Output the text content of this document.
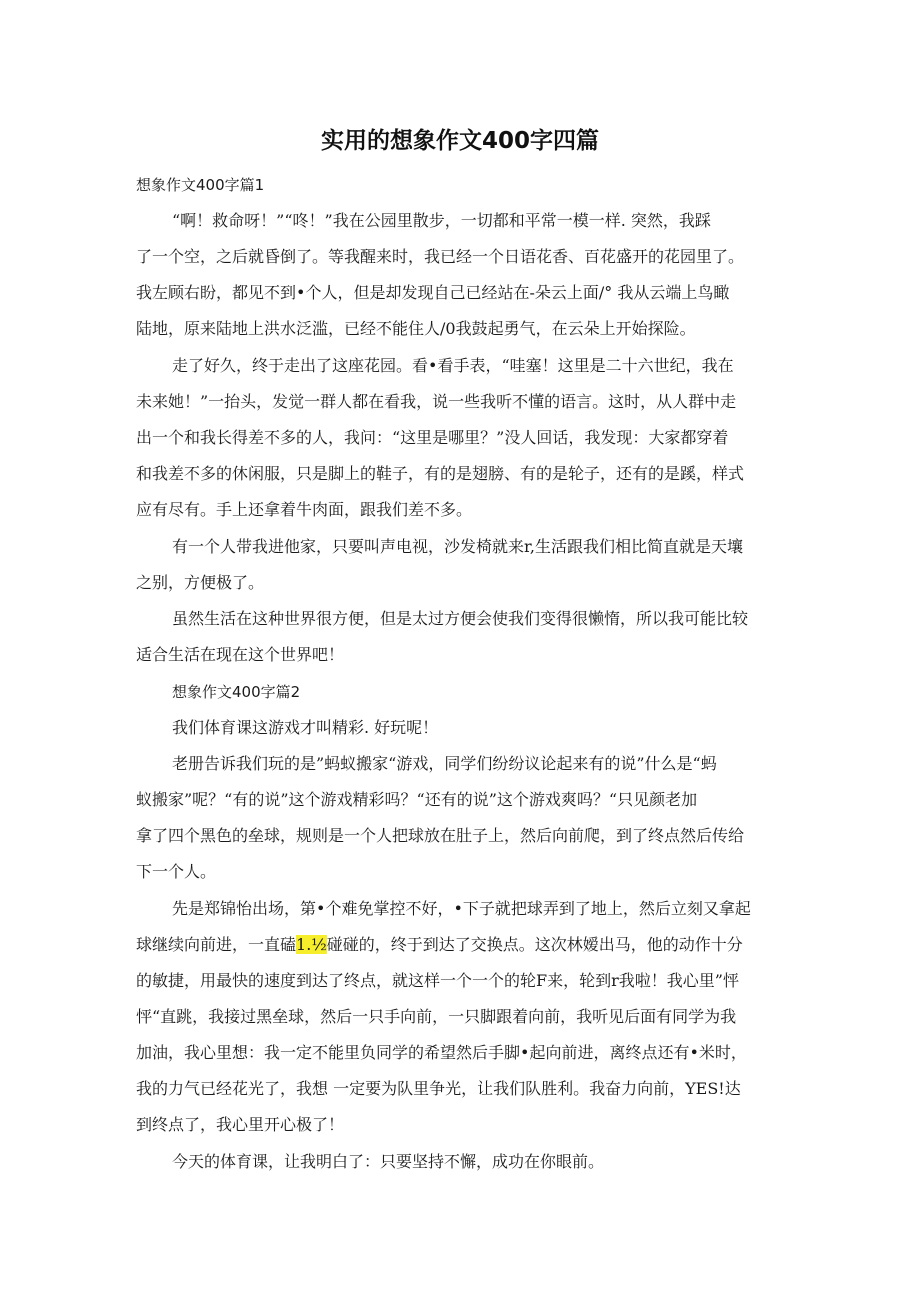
实用的想象作文400字四篇
想象作文400字篇1
“啊！救命呀！”“咚！”我在公园里散步，一切都和平常一模一样. 突然，我踩
了一个空，之后就昏倒了。等我醒来时，我已经一个日语花香、百花盛开的花园里了。
我左顾右盼，都见不到•个人，但是却发现自己已经站在-朵云上面/° 我从云端上鸟瞰
陆地，原来陆地上洪水泛滥，已经不能住人/0我鼓起勇气，在云朵上开始探险。
走了好久，终于走出了这座花园。看•看手表，“哇塞！这里是二十六世纪，我在
未来她！”一抬头，发觉一群人都在看我，说一些我听不懂的语言。这时，从人群中走
出一个和我长得差不多的人，我问：“这里是哪里？”没人回话，我发现：大家都穿着
和我差不多的休闲服，只是脚上的鞋子，有的是翅膀、有的是轮子，还有的是蹊，样式
应有尽有。手上还拿着牛肉面，跟我们差不多。
有一个人带我进他家，只要叫声电视，沙发椅就来r,生活跟我们相比简直就是天壤
之别，方便极了。
虽然生活在这种世界很方便，但是太过方便会使我们变得很懒惰，所以我可能比较
适合生活在现在这个世界吧！
想象作文400字篇2
我们体育课这游戏才叫精彩. 好玩呢！
老册告诉我们玩的是”蚂蚁搬家“游戏，同学们纷纷议论起来有的说”什么是“蚂
蚁搬家”呢？“有的说”这个游戏精彩吗？“还有的说”这个游戏爽吗？“只见颜老加
拿了四个黑色的垒球，规则是一个人把球放在肚子上，然后向前爬，到了终点然后传给
下一个人。
先是郑锦怡出场，第•个难免掌控不好，•下子就把球弄到了地上，然后立刻又拿起
球继续向前进，一直磕1.½碰碰的，终于到达了交换点。这次林嫒出马，他的动作十分
的敏捷，用最快的速度到达了终点，就这样一个一个的轮F来，轮到r我啦！我心里”怦
怦“直跳，我接过黑垒球，然后一只手向前，一只脚跟着向前，我听见后面有同学为我
加油，我心里想：我一定不能里负同学的希望然后手脚•起向前进，离终点还有•米时，
我的力气已经花光了，我想 一定要为队里争光，让我们队胜利。我奋力向前，YES!达
到终点了，我心里开心极了！
今天的体育课，让我明白了：只要坚持不懈，成功在你眼前。
